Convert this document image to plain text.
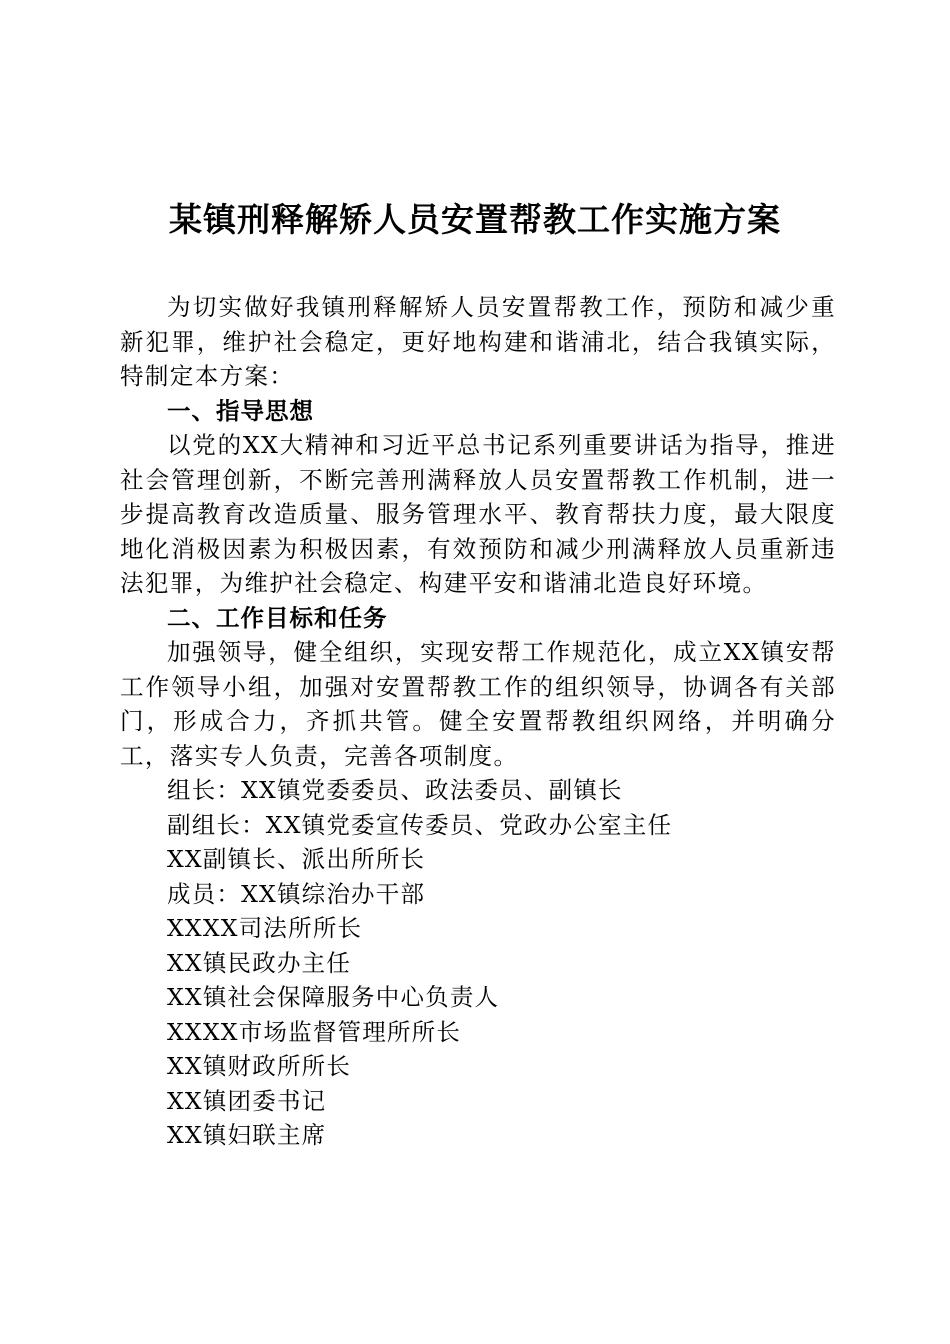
某镇刑释解矫人员安置帮教工作实施方案

为切实做好我镇刑释解矫人员安置帮教工作，预防和减少重新犯罪，维护社会稳定，更好地构建和谐浦北，结合我镇实际，特制定本方案：

一、指导思想

以党的XX大精神和习近平总书记系列重要讲话为指导，推进社会管理创新，不断完善刑满释放人员安置帮教工作机制，进一步提高教育改造质量、服务管理水平、教育帮扶力度，最大限度地化消极因素为积极因素，有效预防和减少刑满释放人员重新违法犯罪，为维护社会稳定、构建平安和谐浦北造良好环境。

二、工作目标和任务

加强领导，健全组织，实现安帮工作规范化，成立XX镇安帮工作领导小组，加强对安置帮教工作的组织领导，协调各有关部门，形成合力，齐抓共管。健全安置帮教组织网络，并明确分工，落实专人负责，完善各项制度。

组长：XX镇党委委员、政法委员、副镇长

副组长：XX镇党委宣传委员、党政办公室主任

XX副镇长、派出所所长

成员：XX镇综治办干部

XXXX司法所所长

XX镇民政办主任

XX镇社会保障服务中心负责人

XXXX市场监督管理所所长

XX镇财政所所长

XX镇团委书记

XX镇妇联主席
